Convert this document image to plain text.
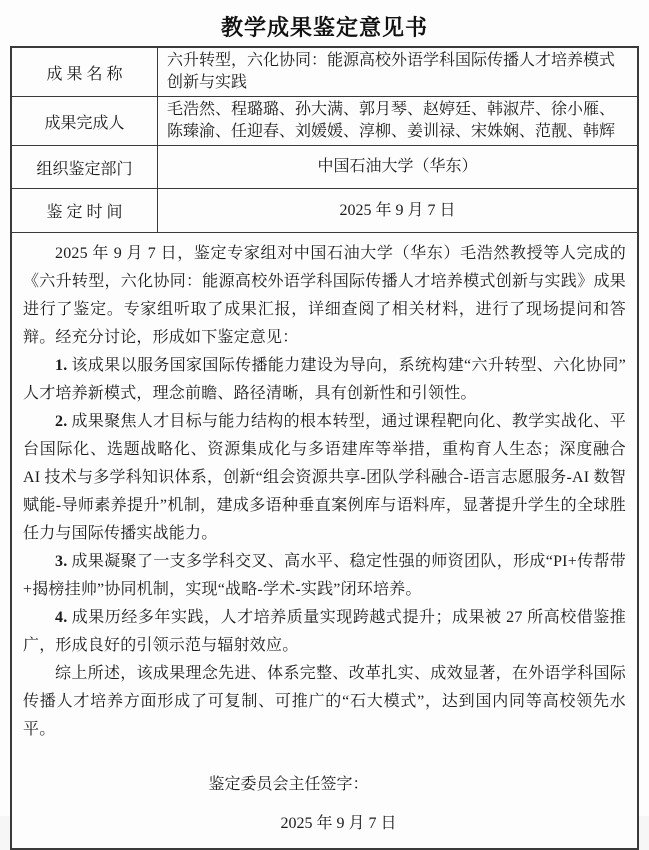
教学成果鉴定意见书
成 果 名 称
六升转型，六化协同：能源高校外语学科国际传播人才培养模式创新与实践
成果完成人
毛浩然、程璐璐、孙大满、郭月琴、赵婷廷、韩淑芹、徐小雁、陈臻渝、任迎春、刘媛媛、淳柳、姜训禄、宋姝娴、范靓、韩辉
组织鉴定部门	中国石油大学（华东）
鉴 定 时 间	2025 年 9 月 7 日

2025 年 9 月 7 日，鉴定专家组对中国石油大学（华东）毛浩然教授等人完成的《六升转型，六化协同：能源高校外语学科国际传播人才培养模式创新与实践》成果进行了鉴定。专家组听取了成果汇报，详细查阅了相关材料，进行了现场提问和答辩。经充分讨论，形成如下鉴定意见：

1. 该成果以服务国家国际传播能力建设为导向，系统构建“六升转型、六化协同”人才培养新模式，理念前瞻、路径清晰，具有创新性和引领性。

2. 成果聚焦人才目标与能力结构的根本转型，通过课程靶向化、教学实战化、平台国际化、选题战略化、资源集成化与多语建库等举措，重构育人生态；深度融合 AI 技术与多学科知识体系，创新“组会资源共享-团队学科融合-语言志愿服务-AI 数智赋能-导师素养提升”机制，建成多语种垂直案例库与语料库，显著提升学生的全球胜任力与国际传播实战能力。

3. 成果凝聚了一支多学科交叉、高水平、稳定性强的师资团队，形成“PI+传帮带+揭榜挂帅”协同机制，实现“战略-学术-实践”闭环培养。

4. 成果历经多年实践，人才培养质量实现跨越式提升；成果被 27 所高校借鉴推广，形成良好的引领示范与辐射效应。

综上所述，该成果理念先进、体系完整、改革扎实、成效显著，在外语学科国际传播人才培养方面形成了可复制、可推广的“石大模式”，达到国内同等高校领先水平。

鉴定委员会主任签字：
2025 年 9 月 7 日
